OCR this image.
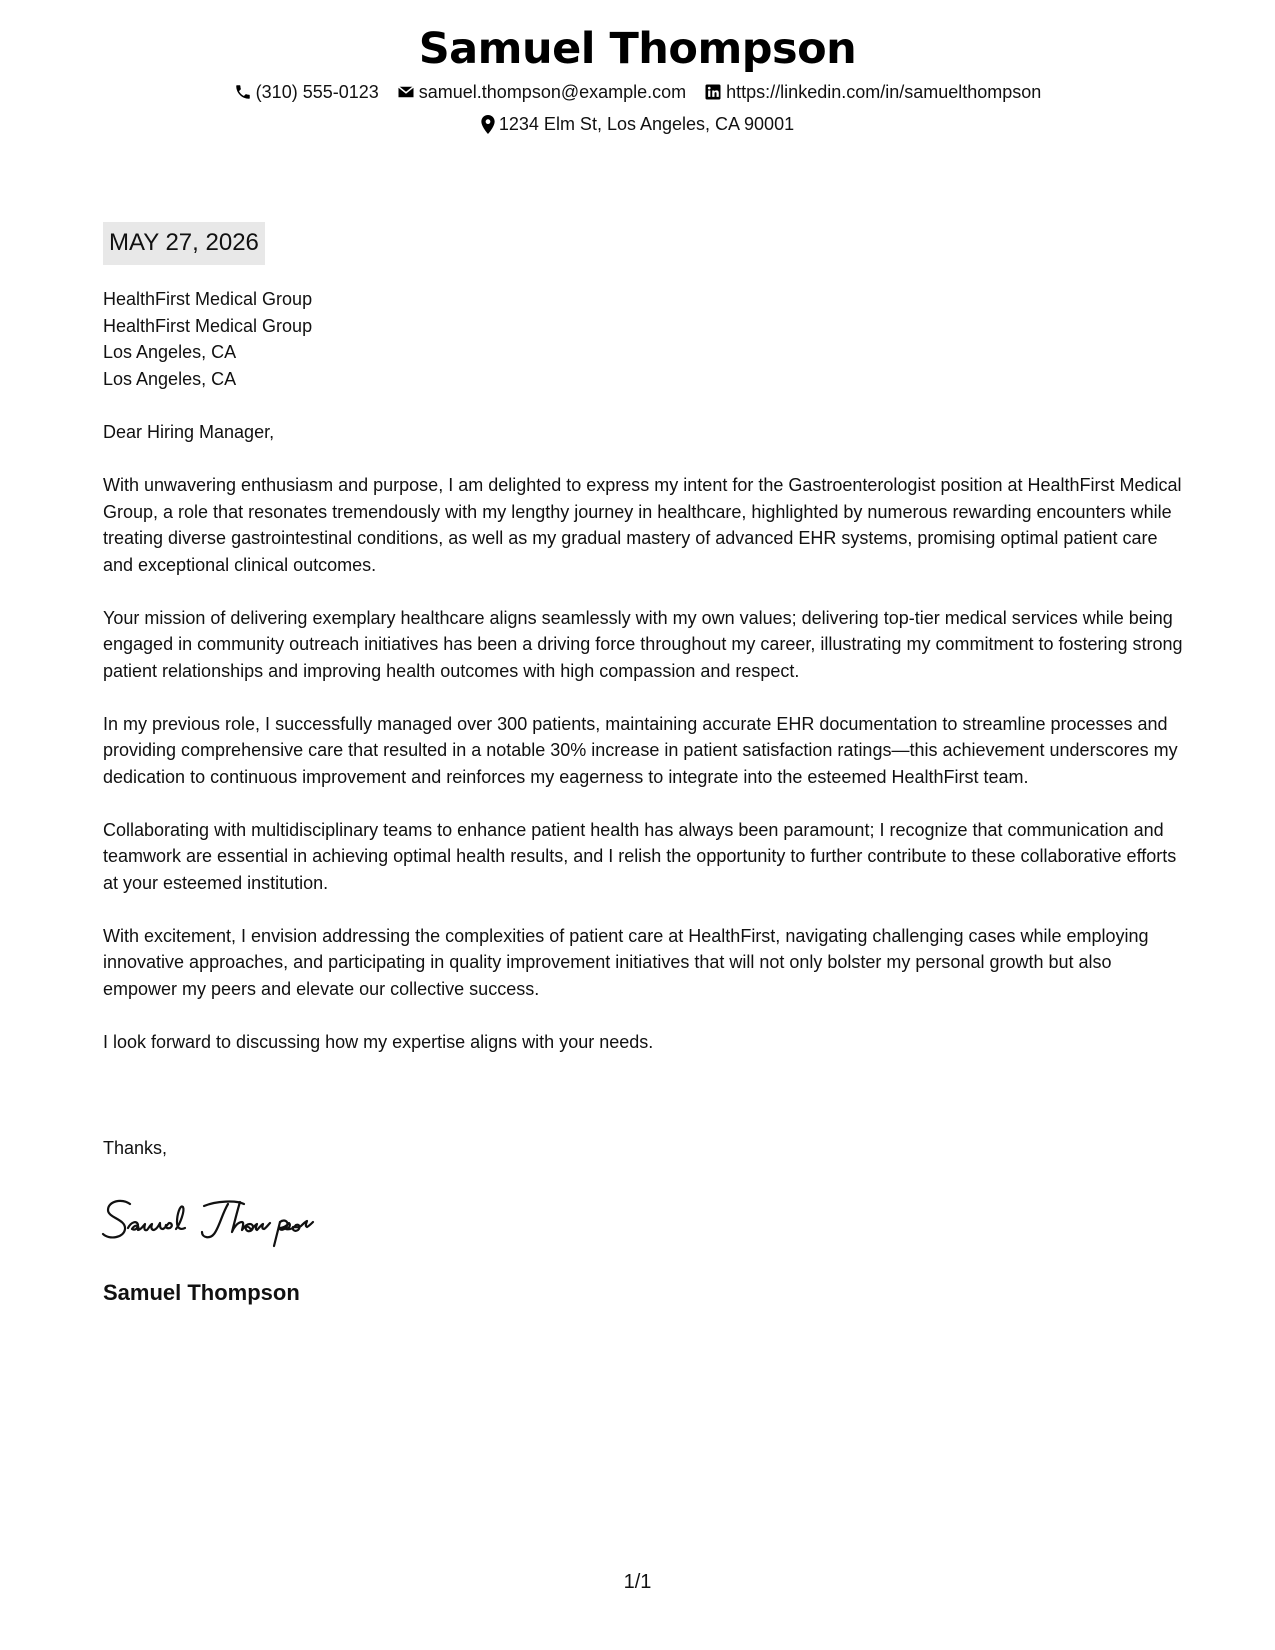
Samuel Thompson
(310) 555-0123 samuel.thompson@example.com https://linkedin.com/in/samuelthompson
1234 Elm St, Los Angeles, CA 90001
MAY 27, 2026
HealthFirst Medical Group
HealthFirst Medical Group
Los Angeles, CA
Los Angeles, CA

Dear Hiring Manager,

With unwavering enthusiasm and purpose, I am delighted to express my intent for the Gastroenterologist position at HealthFirst Medical Group, a role that resonates tremendously with my lengthy journey in healthcare, highlighted by numerous rewarding encounters while treating diverse gastrointestinal conditions, as well as my gradual mastery of advanced EHR systems, promising optimal patient care and exceptional clinical outcomes.

Your mission of delivering exemplary healthcare aligns seamlessly with my own values; delivering top-tier medical services while being engaged in community outreach initiatives has been a driving force throughout my career, illustrating my commitment to fostering strong patient relationships and improving health outcomes with high compassion and respect.

In my previous role, I successfully managed over 300 patients, maintaining accurate EHR documentation to streamline processes and providing comprehensive care that resulted in a notable 30% increase in patient satisfaction ratings—this achievement underscores my dedication to continuous improvement and reinforces my eagerness to integrate into the esteemed HealthFirst team.

Collaborating with multidisciplinary teams to enhance patient health has always been paramount; I recognize that communication and teamwork are essential in achieving optimal health results, and I relish the opportunity to further contribute to these collaborative efforts at your esteemed institution.

With excitement, I envision addressing the complexities of patient care at HealthFirst, navigating challenging cases while employing innovative approaches, and participating in quality improvement initiatives that will not only bolster my personal growth but also empower my peers and elevate our collective success.

I look forward to discussing how my expertise aligns with your needs.

Thanks,
Samuel Thompson
1/1
